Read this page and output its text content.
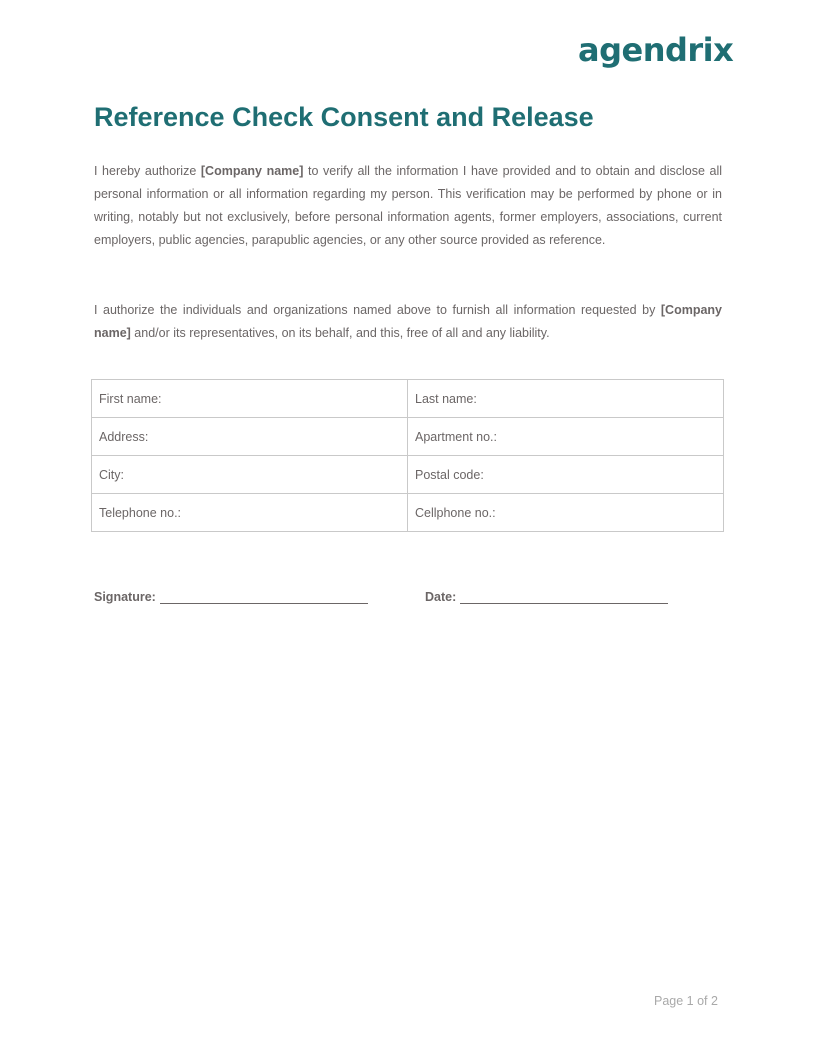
agendrix
Reference Check Consent and Release

I hereby authorize [Company name] to verify all the information I have provided and to obtain and disclose all personal information or all information regarding my person. This verification may be performed by phone or in writing, notably but not exclusively, before personal information agents, former employers, associations, current employers, public agencies, parapublic agencies, or any other source provided as reference.

I authorize the individuals and organizations named above to furnish all information requested by [Company name] and/or its representatives, on its behalf, and this, free of all and any liability.

First name:	Last name:
Address:	Apartment no.:
City:	Postal code:
Telephone no.:	Cellphone no.:
Signature:	Date:
Page 1 of 2
